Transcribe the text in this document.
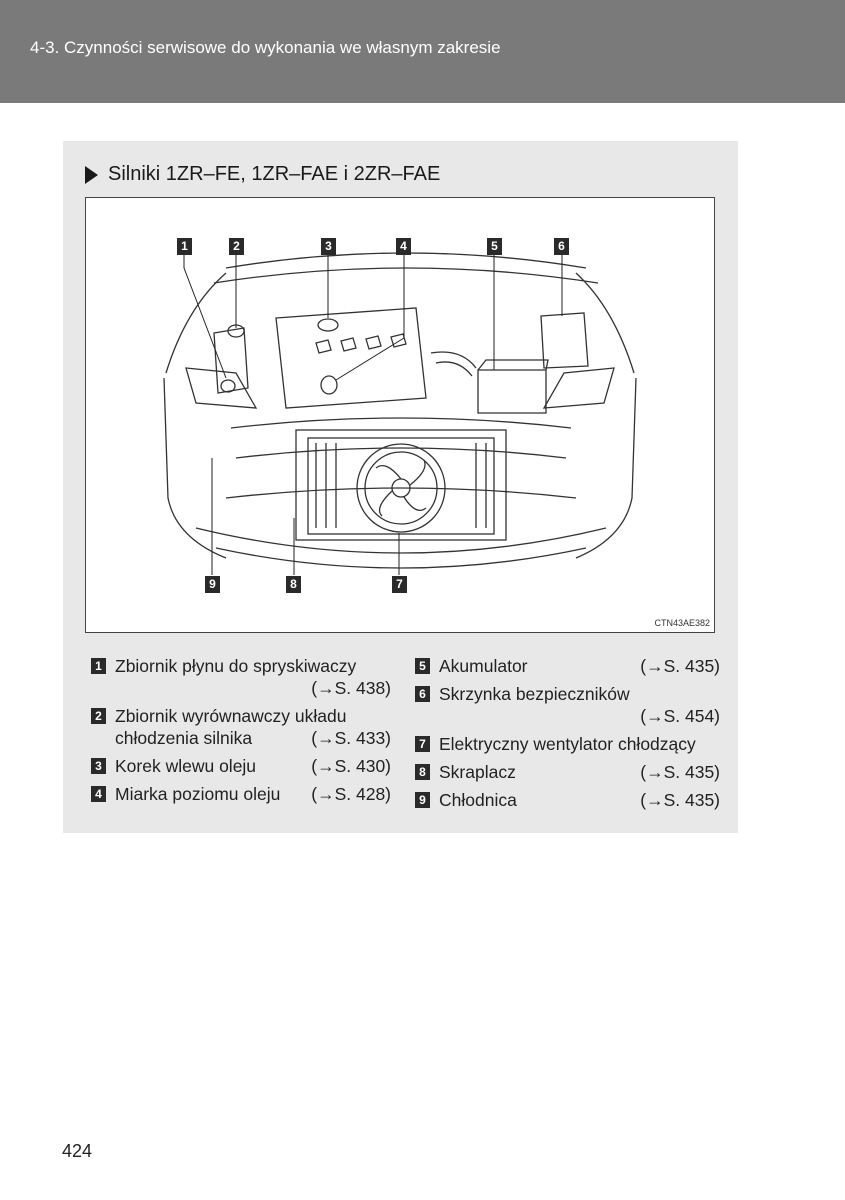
4-3. Czynności serwisowe do wykonania we własnym zakresie
Silniki 1ZR–FE, 1ZR–FAE i 2ZR–FAE
1	2	3	4	5	6
7
8
9
CTN43AE382
1 Zbiornik płynu do spryskiwaczy
(→S. 438)
2 Zbiornik wyrównawczy układu
chłodzenia silnika	(→S. 433)
3 Korek wlewu oleju	(→S. 430)
4 Miarka poziomu oleju (→S. 428)
5 Akumulator	(→S. 435)
6 Skrzynka bezpieczników
(→S. 454)
7 Elektryczny wentylator chłodzący
8 Skraplacz	(→S. 435)
9 Chłodnica	(→S. 435)
424
